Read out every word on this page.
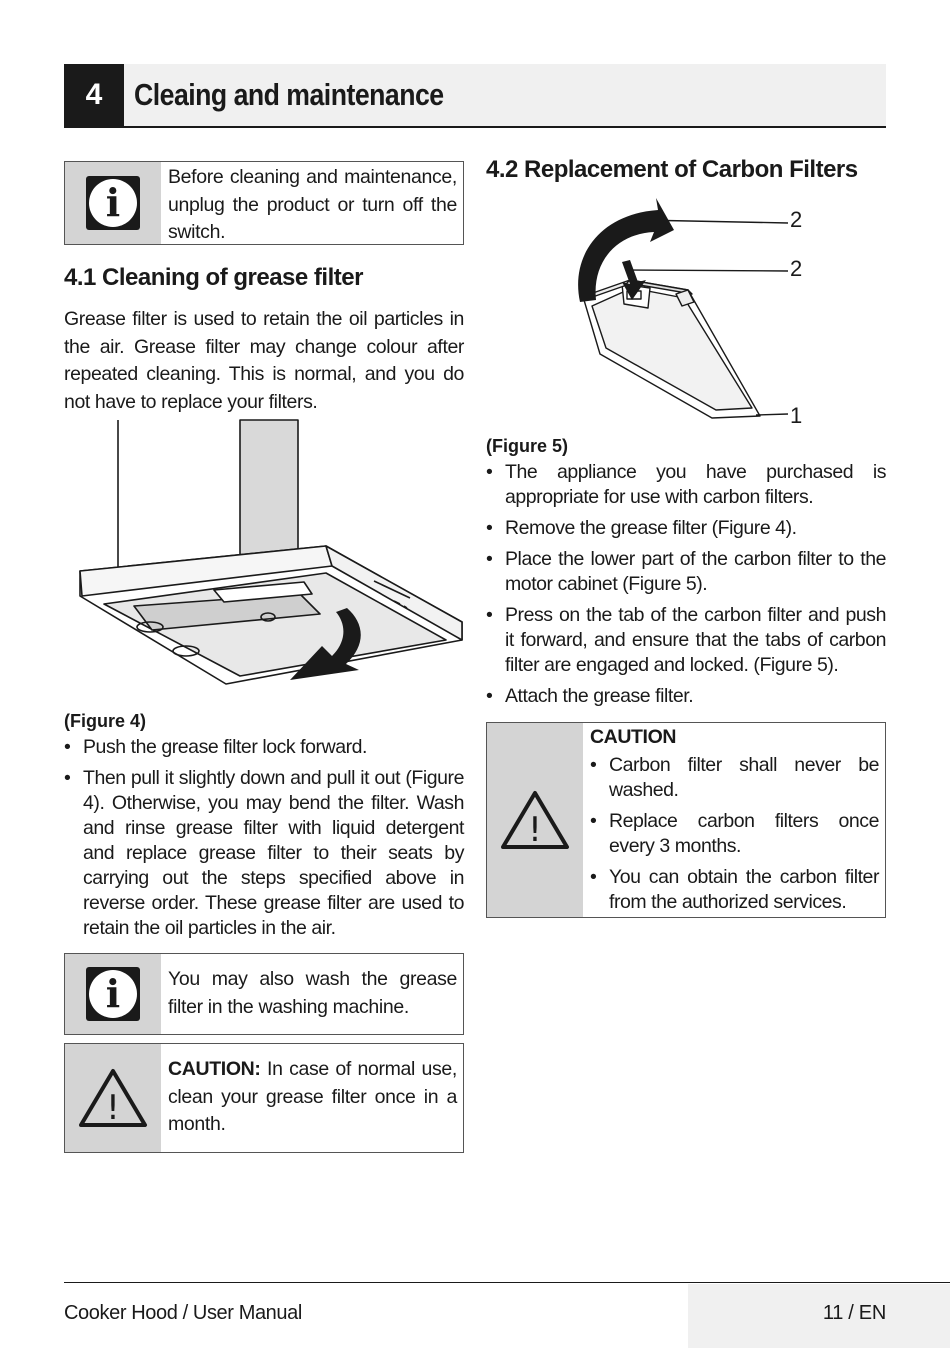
4	Cleaing and maintenance
i
Before cleaning and maintenance, unplug the product or turn off the switch.
4.1 Cleaning of grease filter
Grease filter is used to retain the oil particles in the air. Grease filter may change colour after repeated cleaning. This is normal, and you do not have to replace your filters.
(Figure 4)
• Push the grease filter lock forward.
• Then pull it slightly down and pull it out (Figure 4). Otherwise, you may bend the filter. Wash and rinse grease filter with liquid detergent and replace grease filter to their seats by carrying out the steps specified above in reverse order. These grease filter are used to retain the oil particles in the air.
i You may also wash the grease filter in the washing machine.
!
CAUTION: In case of normal use, clean your grease filter once in a month.
4.2 Replacement of Carbon Filters
2
2
1
(Figure 5)
• The appliance you have purchased is appropriate for use with carbon filters.
• Remove the grease filter (Figure 4).
• Place the lower part of the carbon filter to the motor cabinet (Figure 5).
• Press on the tab of the carbon filter and push it forward, and ensure that the tabs of carbon filter are engaged and locked. (Figure 5).
• Attach the grease filter.
!
CAUTION
• Carbon filter shall never be washed.
• Replace carbon filters once every 3 months.
• You can obtain the carbon filter from the authorized services.
11 / EN
Cooker Hood / User Manual
